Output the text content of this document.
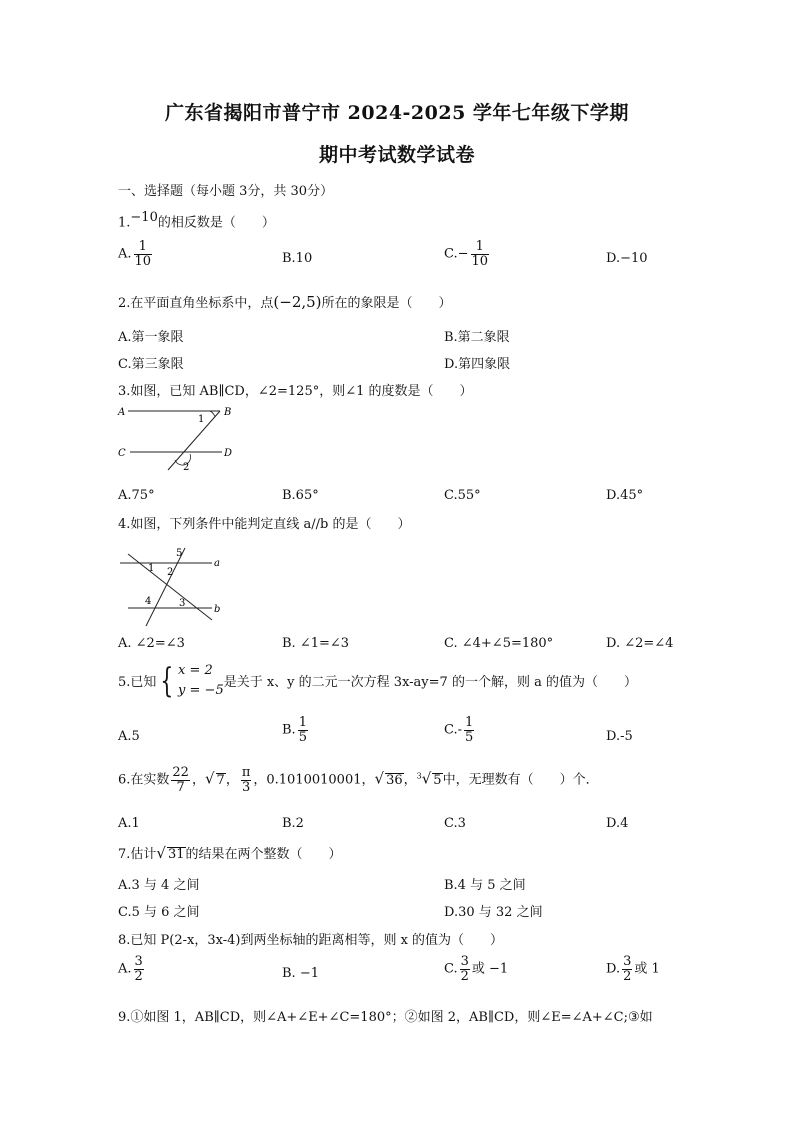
广东省揭阳市普宁市 2024-2025 学年七年级下学期
期中考试数学试卷
一、选择题（每小题 3分，共 30分）
1.$^{-10}$的相反数是（　　）
A. $\frac{1}{10}$	B.10	$C.- \frac{1}{10}$	D.−10
2.在平面直角坐标系中，点(−2,5)所在的象限是（　　）
A.第一象限	B.第二象限
C.第三象限	D.第四象限
3.如图，已知 AB∥CD，∠2=125°，则∠1 的度数是（　　）
A	B
C	D
1
2
A.75°	B.65°	C.55°	D.45°
4.如图，下列条件中能判定直线 a//b 的是（　　）
5
1 2
4	3
a
b
A. ∠2=∠3	B. ∠1=∠3	C. ∠4+∠5=180°	D. ∠2=∠4
5.已知 { x = 2
y = −5 是关于 x、y 的二元一次方程 3x-ay=7 的一个解，则 a 的值为（　　）
A.5	B. $\frac{1}{5}$	$C.- \frac{1}{5}$	D.-5
6.在实数 $\frac{22}{7}$ ，√ 7， $\frac{\pi}{3}$ ，0.1010010001，√ 36，$^3$√ 5中，无理数有（　　）个．
A.1	B.2	C.3	D.4
7.估计√ 31的结果在两个整数（　　）
A.3 与 4 之间	B.4 与 5 之间
C.5 与 6 之间	D.30 与 32 之间
8.已知 P(2-x，3x-4)到两坐标轴的距离相等，则 x 的值为（　　）
A. $\frac{3}{2}$	B. −1	C. $\frac{3}{2}$ 或 −1	D. $\frac{3}{2}$ 或 1
9.①如图 1，AB∥CD，则∠A+∠E+∠C=180°；②如图 2，AB∥CD，则∠E=∠A+∠C;③如
